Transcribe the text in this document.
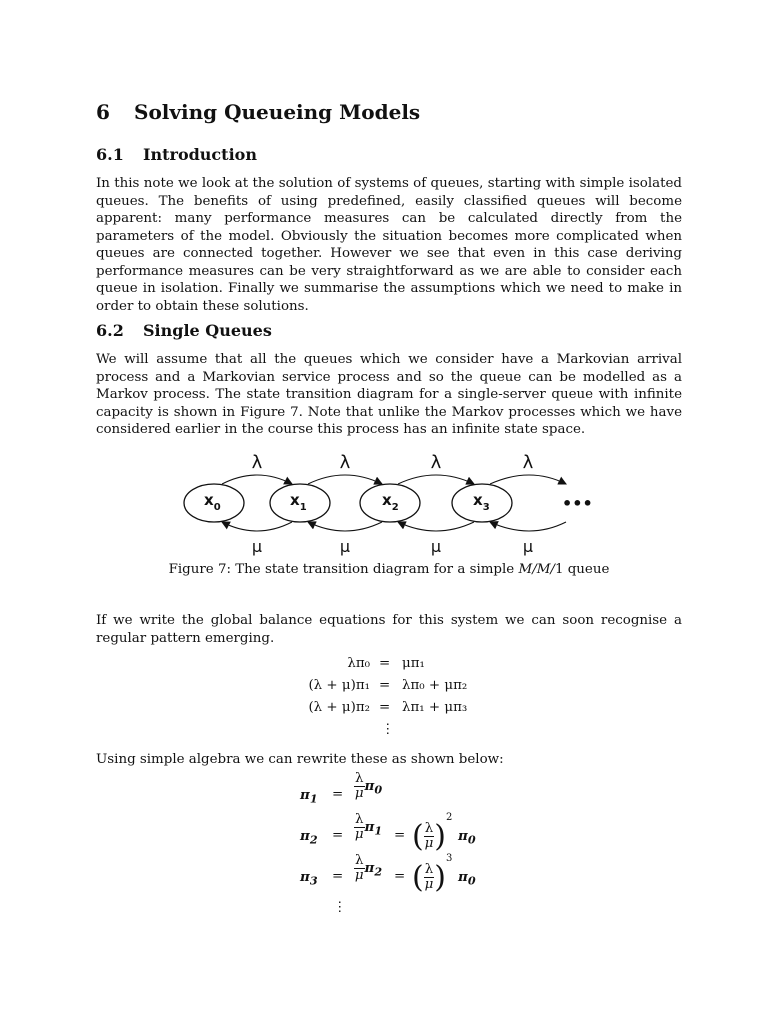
6 Solving Queueing Models
6.1 Introduction

In this note we look at the solution of systems of queues, starting with simple isolated queues. The benefits of using predefined, easily classified queues will become apparent: many performance measures can be calculated directly from the parameters of the model. Obviously the situation becomes more complicated when queues are connected together. However we see that even in this case deriving performance measures can be very straightforward as we are able to consider each queue in isolation. Finally we summarise the assumptions which we need to make in order to obtain these solutions.

6.2 Single Queues

We will assume that all the queues which we consider have a Markovian arrival process and a Markovian service process and so the queue can be modelled as a Markov process. The state transition diagram for a single-server queue with infinite capacity is shown in Figure 7. Note that unlike the Markov processes which we have considered earlier in the course this process has an infinite state space.

$x_0$	$x_1$	$x_2$	$x_3$
λ	λ	λ	λ
μ	μ	μ	μ
•••
Figure 7: The state transition diagram for a simple M/M/1 queue

If we write the global balance equations for this system we can soon recognise a regular pattern emerging.

λπ₀ = μπ₁
(λ + μ)π₁ = λπ₀ + μπ₂
(λ + μ)π₂ = λπ₁ + μπ₃
⋮

Using simple algebra we can rewrite these as shown below:

$\pi_1 = \frac{\lambda}{\mu} \pi_0$
$\pi_2 = \frac{\lambda}{\mu} \pi_1$ = ( $\frac{\lambda}{\mu} )^2$
$\pi_0$
$\pi_3 = \frac{\lambda}{\mu} \pi_2$ = ( $\frac{\lambda}{\mu} )^3$
$\pi_0$
⋮
